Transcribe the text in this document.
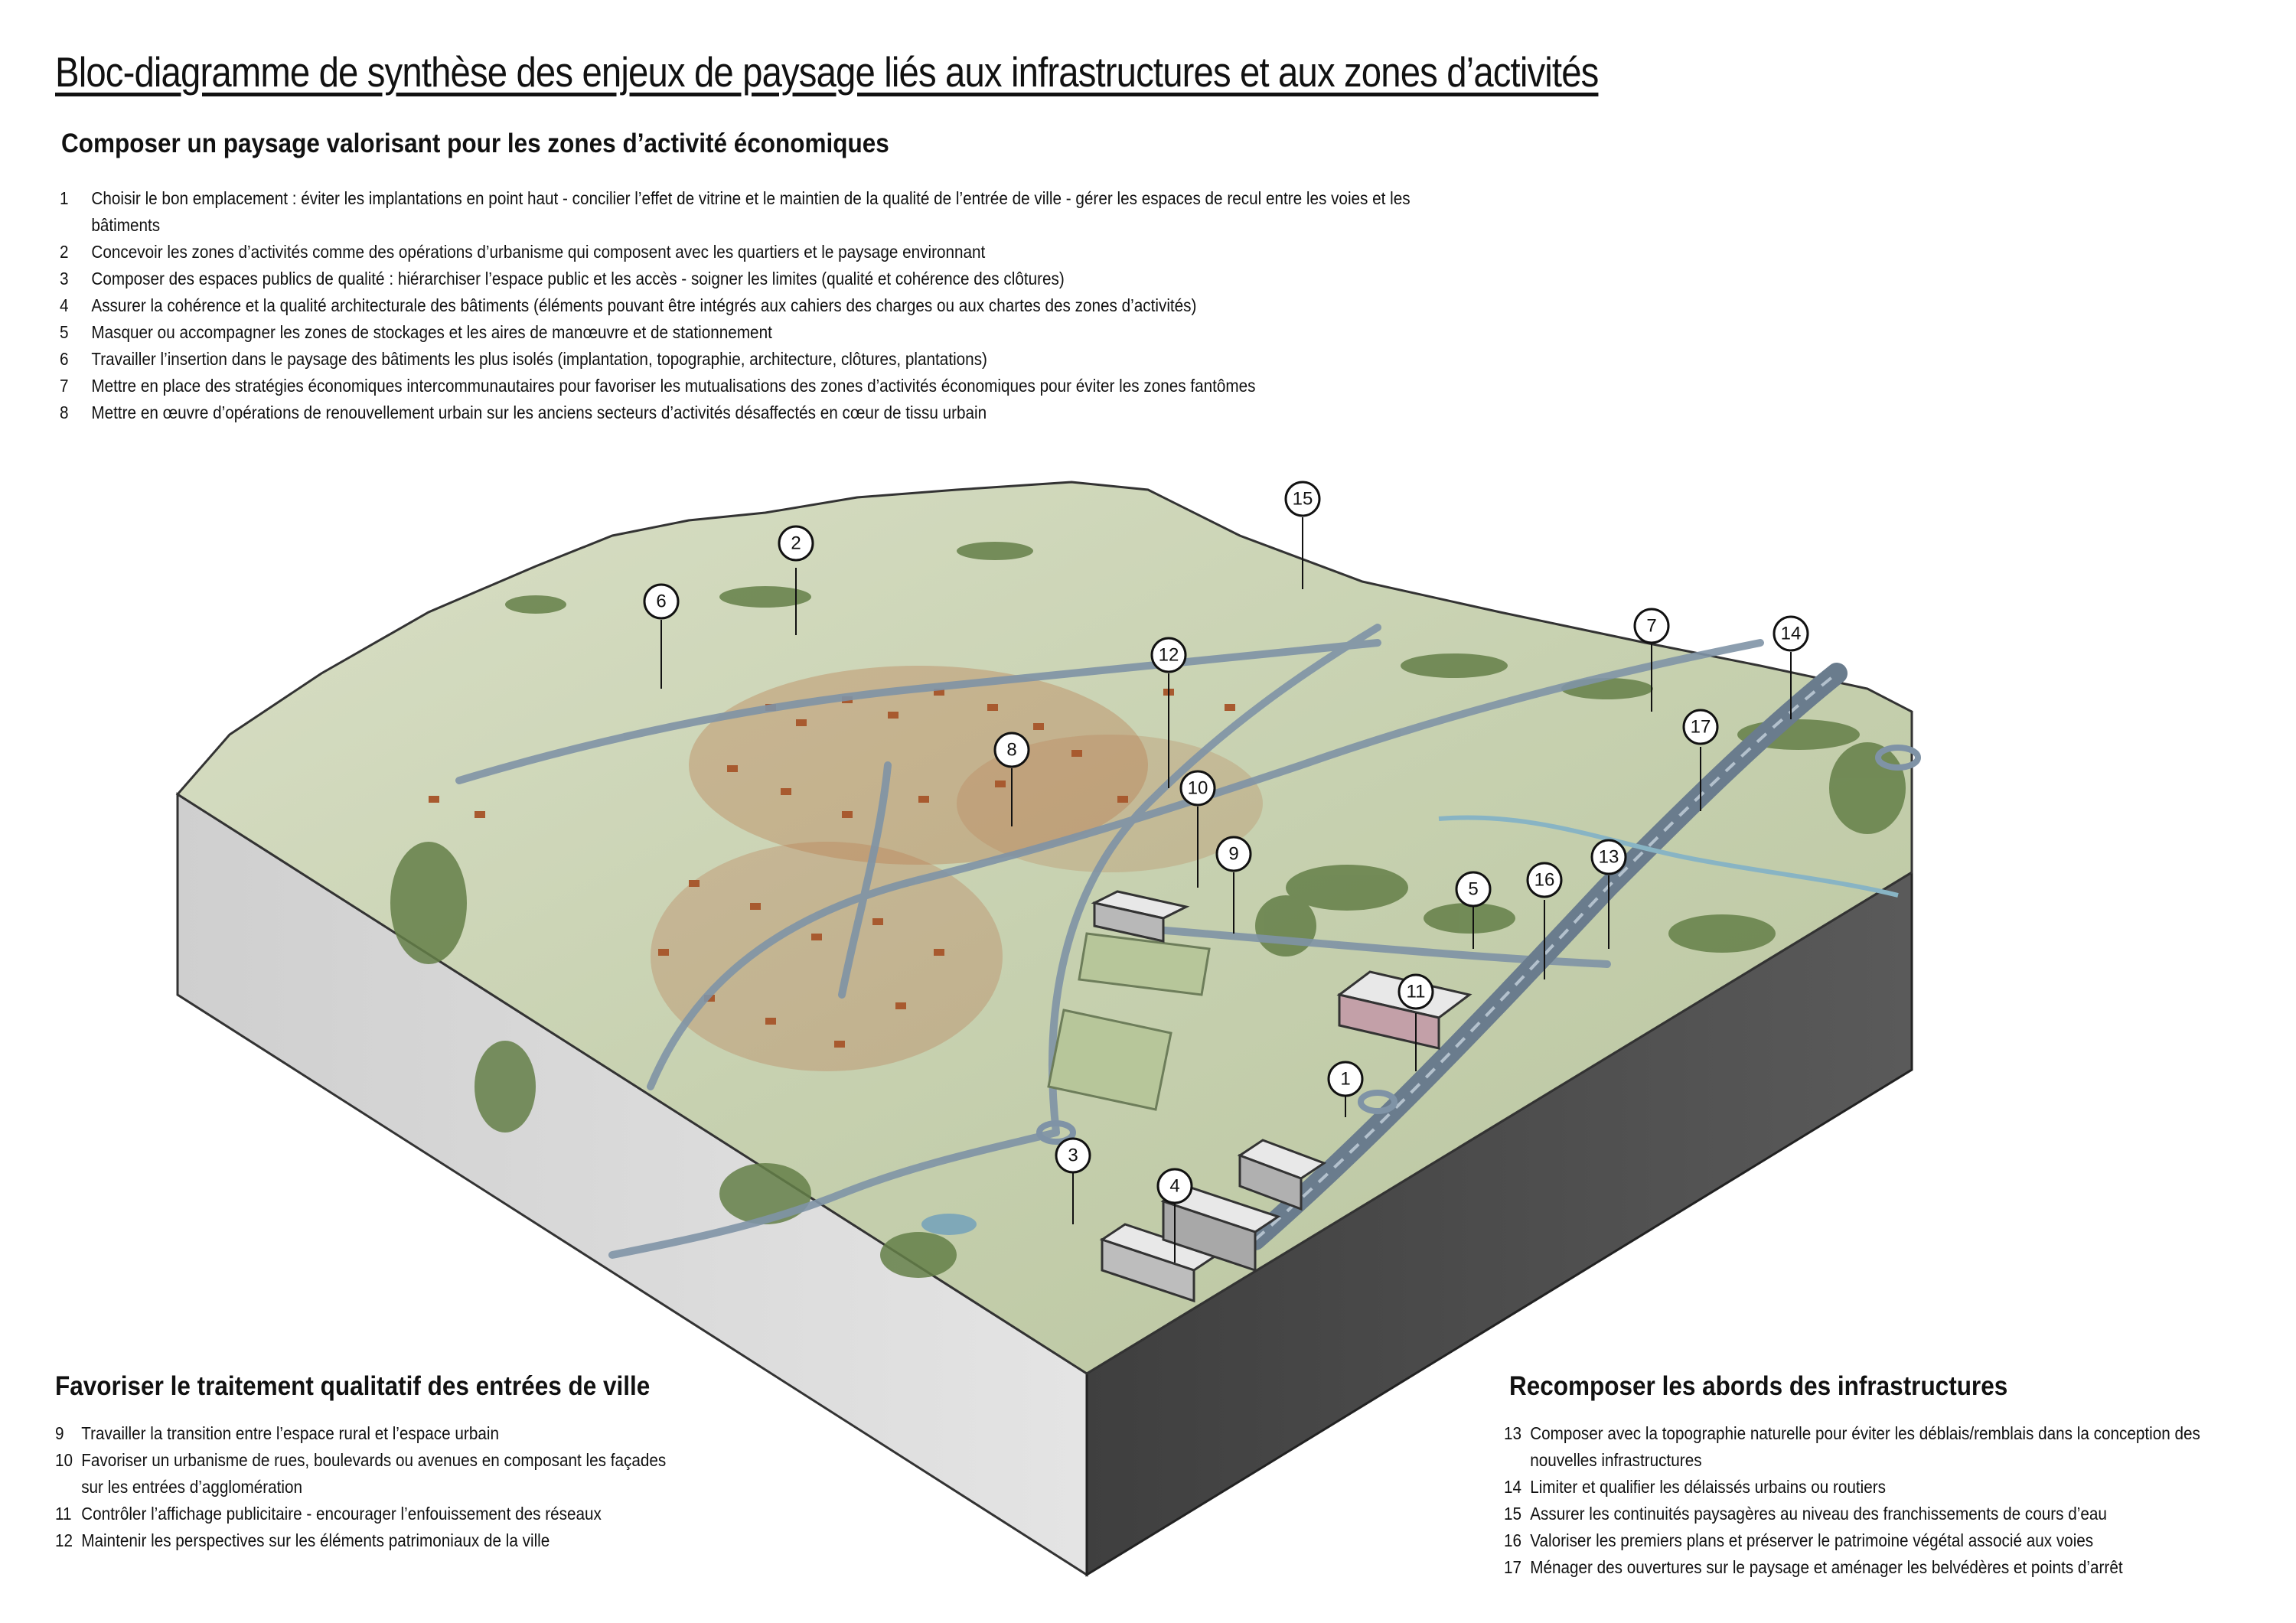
1
2
3
4
5
6
7
8
9
10
11
12
13
14
15
16
17
Bloc-diagramme de synthèse des enjeux de paysage liés aux infrastructures et aux zones d’activités
Composer un paysage valorisant pour les zones d’activité économiques
1	Choisir le bon emplacement : éviter les implantations en point haut - concilier l’effet de vitrine et le maintien de la qualité de l’entrée de ville - gérer les espaces de recul entre les voies et les bâtiments
2	Concevoir les zones d’activités comme des opérations d’urbanisme qui composent avec les quartiers et le paysage environnant
3	Composer des espaces publics de qualité : hiérarchiser l’espace public et les accès - soigner les limites (qualité et cohérence des clôtures)
4	Assurer la cohérence et la qualité architecturale des bâtiments (éléments pouvant être intégrés aux cahiers des charges ou aux chartes des zones d’activités)
5	Masquer ou accompagner les zones de stockages et les aires de manœuvre et de stationnement
6	Travailler l’insertion dans le paysage des bâtiments les plus isolés (implantation, topographie, architecture, clôtures, plantations)
7	Mettre en place des stratégies économiques intercommunautaires pour favoriser les mutualisations des zones d’activités économiques pour éviter les zones fantômes
8	Mettre en œuvre d’opérations de renouvellement urbain sur les anciens secteurs d’activités désaffectés en cœur de tissu urbain
Favoriser le traitement qualitatif des entrées de ville
9 Travailler la transition entre l’espace rural et l’espace urbain
10 Favoriser un urbanisme de rues, boulevards ou avenues en composant les façades sur les entrées d’agglomération
11 Contrôler l’affichage publicitaire - encourager l’enfouissement des réseaux
12 Maintenir les perspectives sur les éléments patrimoniaux de la ville
Recomposer les abords des infrastructures
13 Composer avec la topographie naturelle pour éviter les déblais/remblais dans la conception des nouvelles infrastructures
14 Limiter et qualifier les délaissés urbains ou routiers
15 Assurer les continuités paysagères au niveau des franchissements de cours d’eau
16 Valoriser les premiers plans et préserver le patrimoine végétal associé aux voies
17 Ménager des ouvertures sur le paysage et aménager les belvédères et points d’arrêt
